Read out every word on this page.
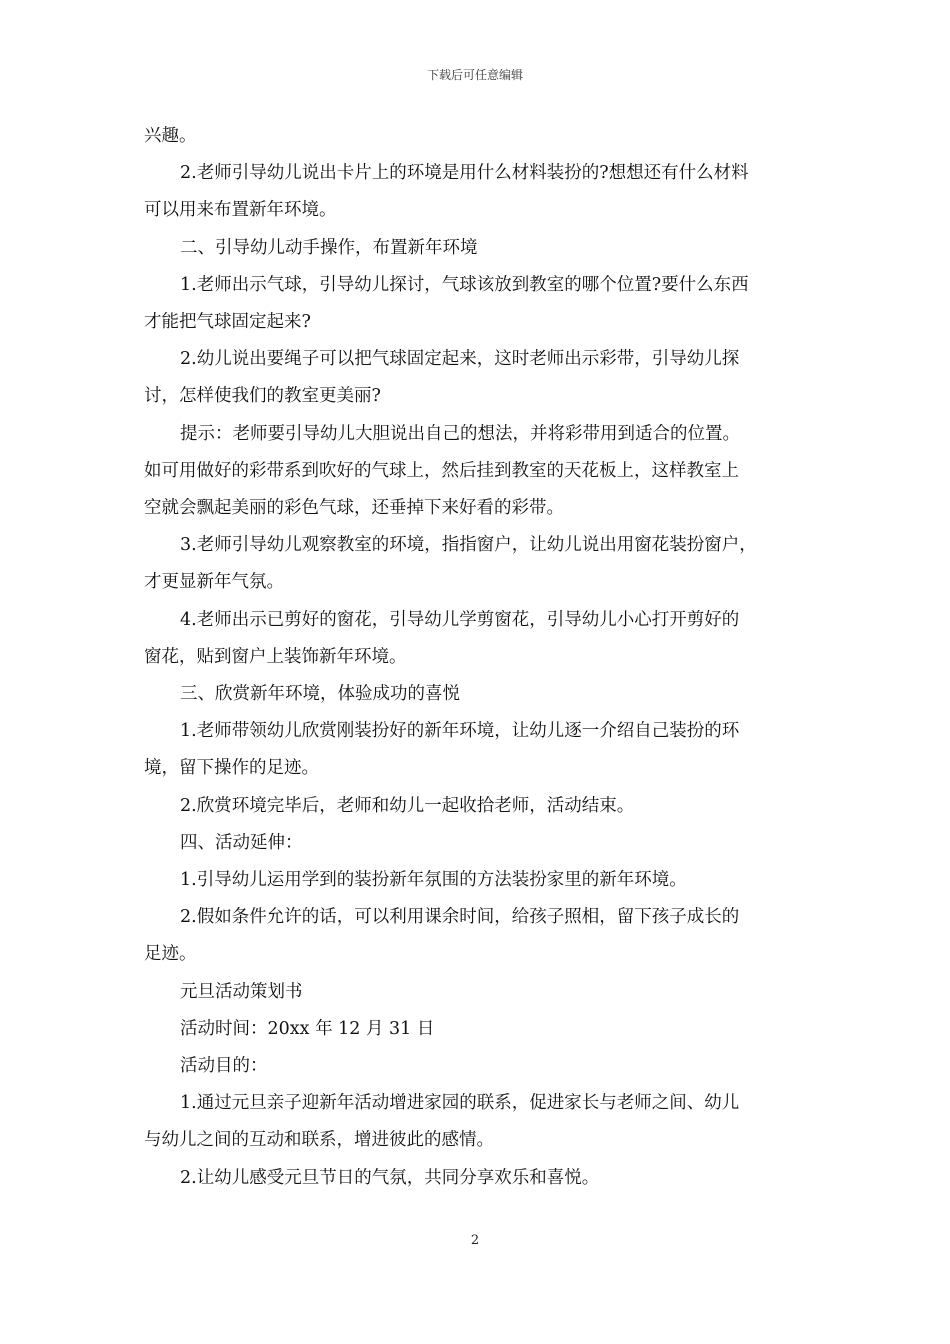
下载后可任意编辑

兴趣。

2.老师引导幼儿说出卡片上的环境是用什么材料装扮的?想想还有什么材料

可以用来布置新年环境。

二、引导幼儿动手操作，布置新年环境

1.老师出示气球，引导幼儿探讨，气球该放到教室的哪个位置?要什么东西

才能把气球固定起来?

2.幼儿说出要绳子可以把气球固定起来，这时老师出示彩带，引导幼儿探

讨，怎样使我们的教室更美丽?

提示：老师要引导幼儿大胆说出自己的想法，并将彩带用到适合的位置。

如可用做好的彩带系到吹好的气球上，然后挂到教室的天花板上，这样教室上

空就会飘起美丽的彩色气球，还垂掉下来好看的彩带。

3.老师引导幼儿观察教室的环境，指指窗户，让幼儿说出用窗花装扮窗户，

才更显新年气氛。

4.老师出示已剪好的窗花，引导幼儿学剪窗花，引导幼儿小心打开剪好的

窗花，贴到窗户上装饰新年环境。

三、欣赏新年环境，体验成功的喜悦

1.老师带领幼儿欣赏刚装扮好的新年环境，让幼儿逐一介绍自己装扮的环

境，留下操作的足迹。

2.欣赏环境完毕后，老师和幼儿一起收拾老师，活动结束。

四、活动延伸：

1.引导幼儿运用学到的装扮新年氛围的方法装扮家里的新年环境。

2.假如条件允许的话，可以利用课余时间，给孩子照相，留下孩子成长的

足迹。

元旦活动策划书

活动时间：20xx 年 12 月 31 日

活动目的：

1.通过元旦亲子迎新年活动增进家园的联系，促进家长与老师之间、幼儿

与幼儿之间的互动和联系，增进彼此的感情。

2.让幼儿感受元旦节日的气氛，共同分享欢乐和喜悦。

2
